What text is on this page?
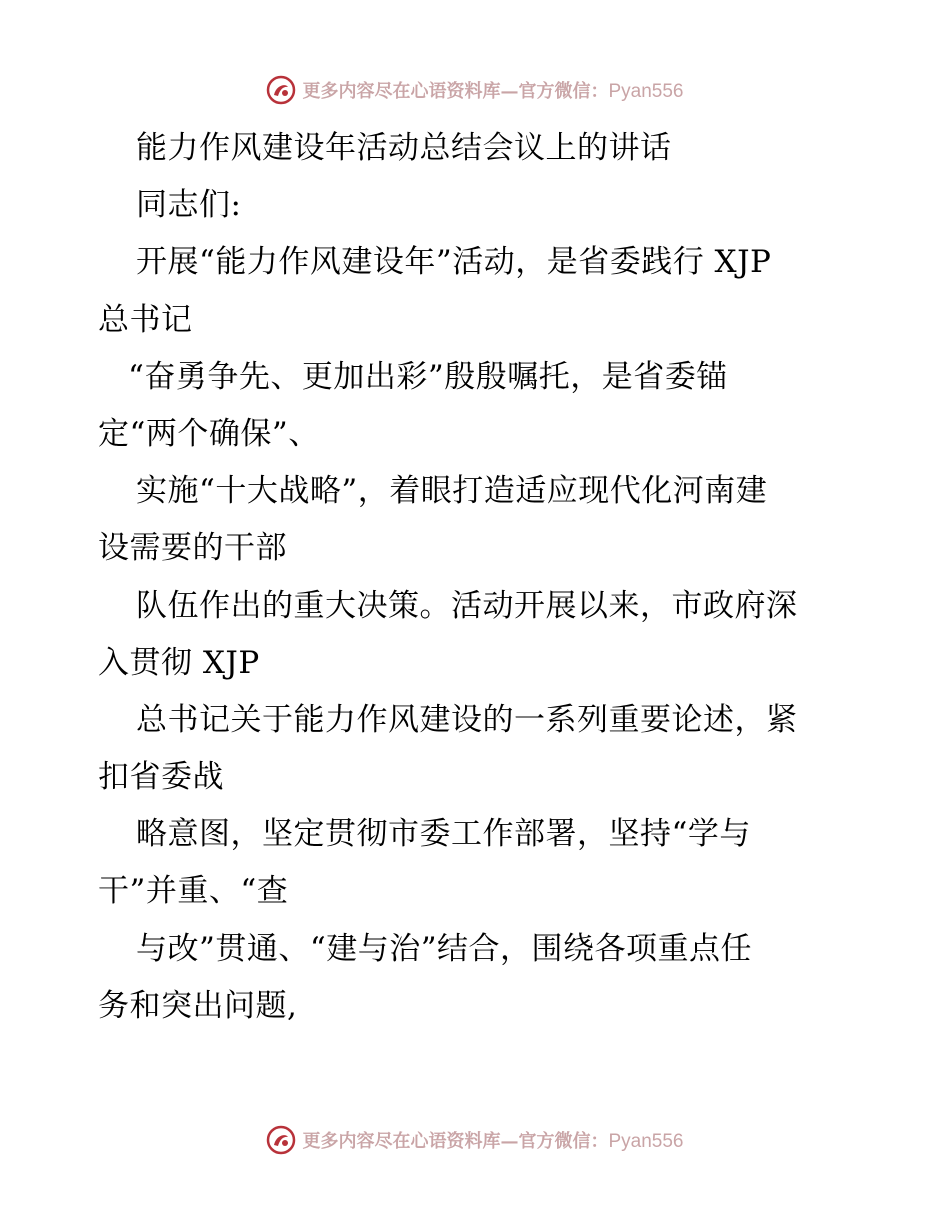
更多内容尽在心语资料库—官方微信：Pyan556
能力作风建设年活动总结会议上的讲话
同志们:
开展“能力作风建设年”活动，是省委践行 XJP
总书记
“奋勇争先、更加出彩”殷殷嘱托，是省委锚
定“两个确保”、
实施“十大战略”，着眼打造适应现代化河南建
设需要的干部
队伍作出的重大决策。活动开展以来，市政府深
入贯彻 XJP
总书记关于能力作风建设的一系列重要论述，紧
扣省委战
略意图，坚定贯彻市委工作部署，坚持“学与
干”并重、“查
与改”贯通、“建与治”结合，围绕各项重点任
务和突出问题,
更多内容尽在心语资料库—官方微信：Pyan556
